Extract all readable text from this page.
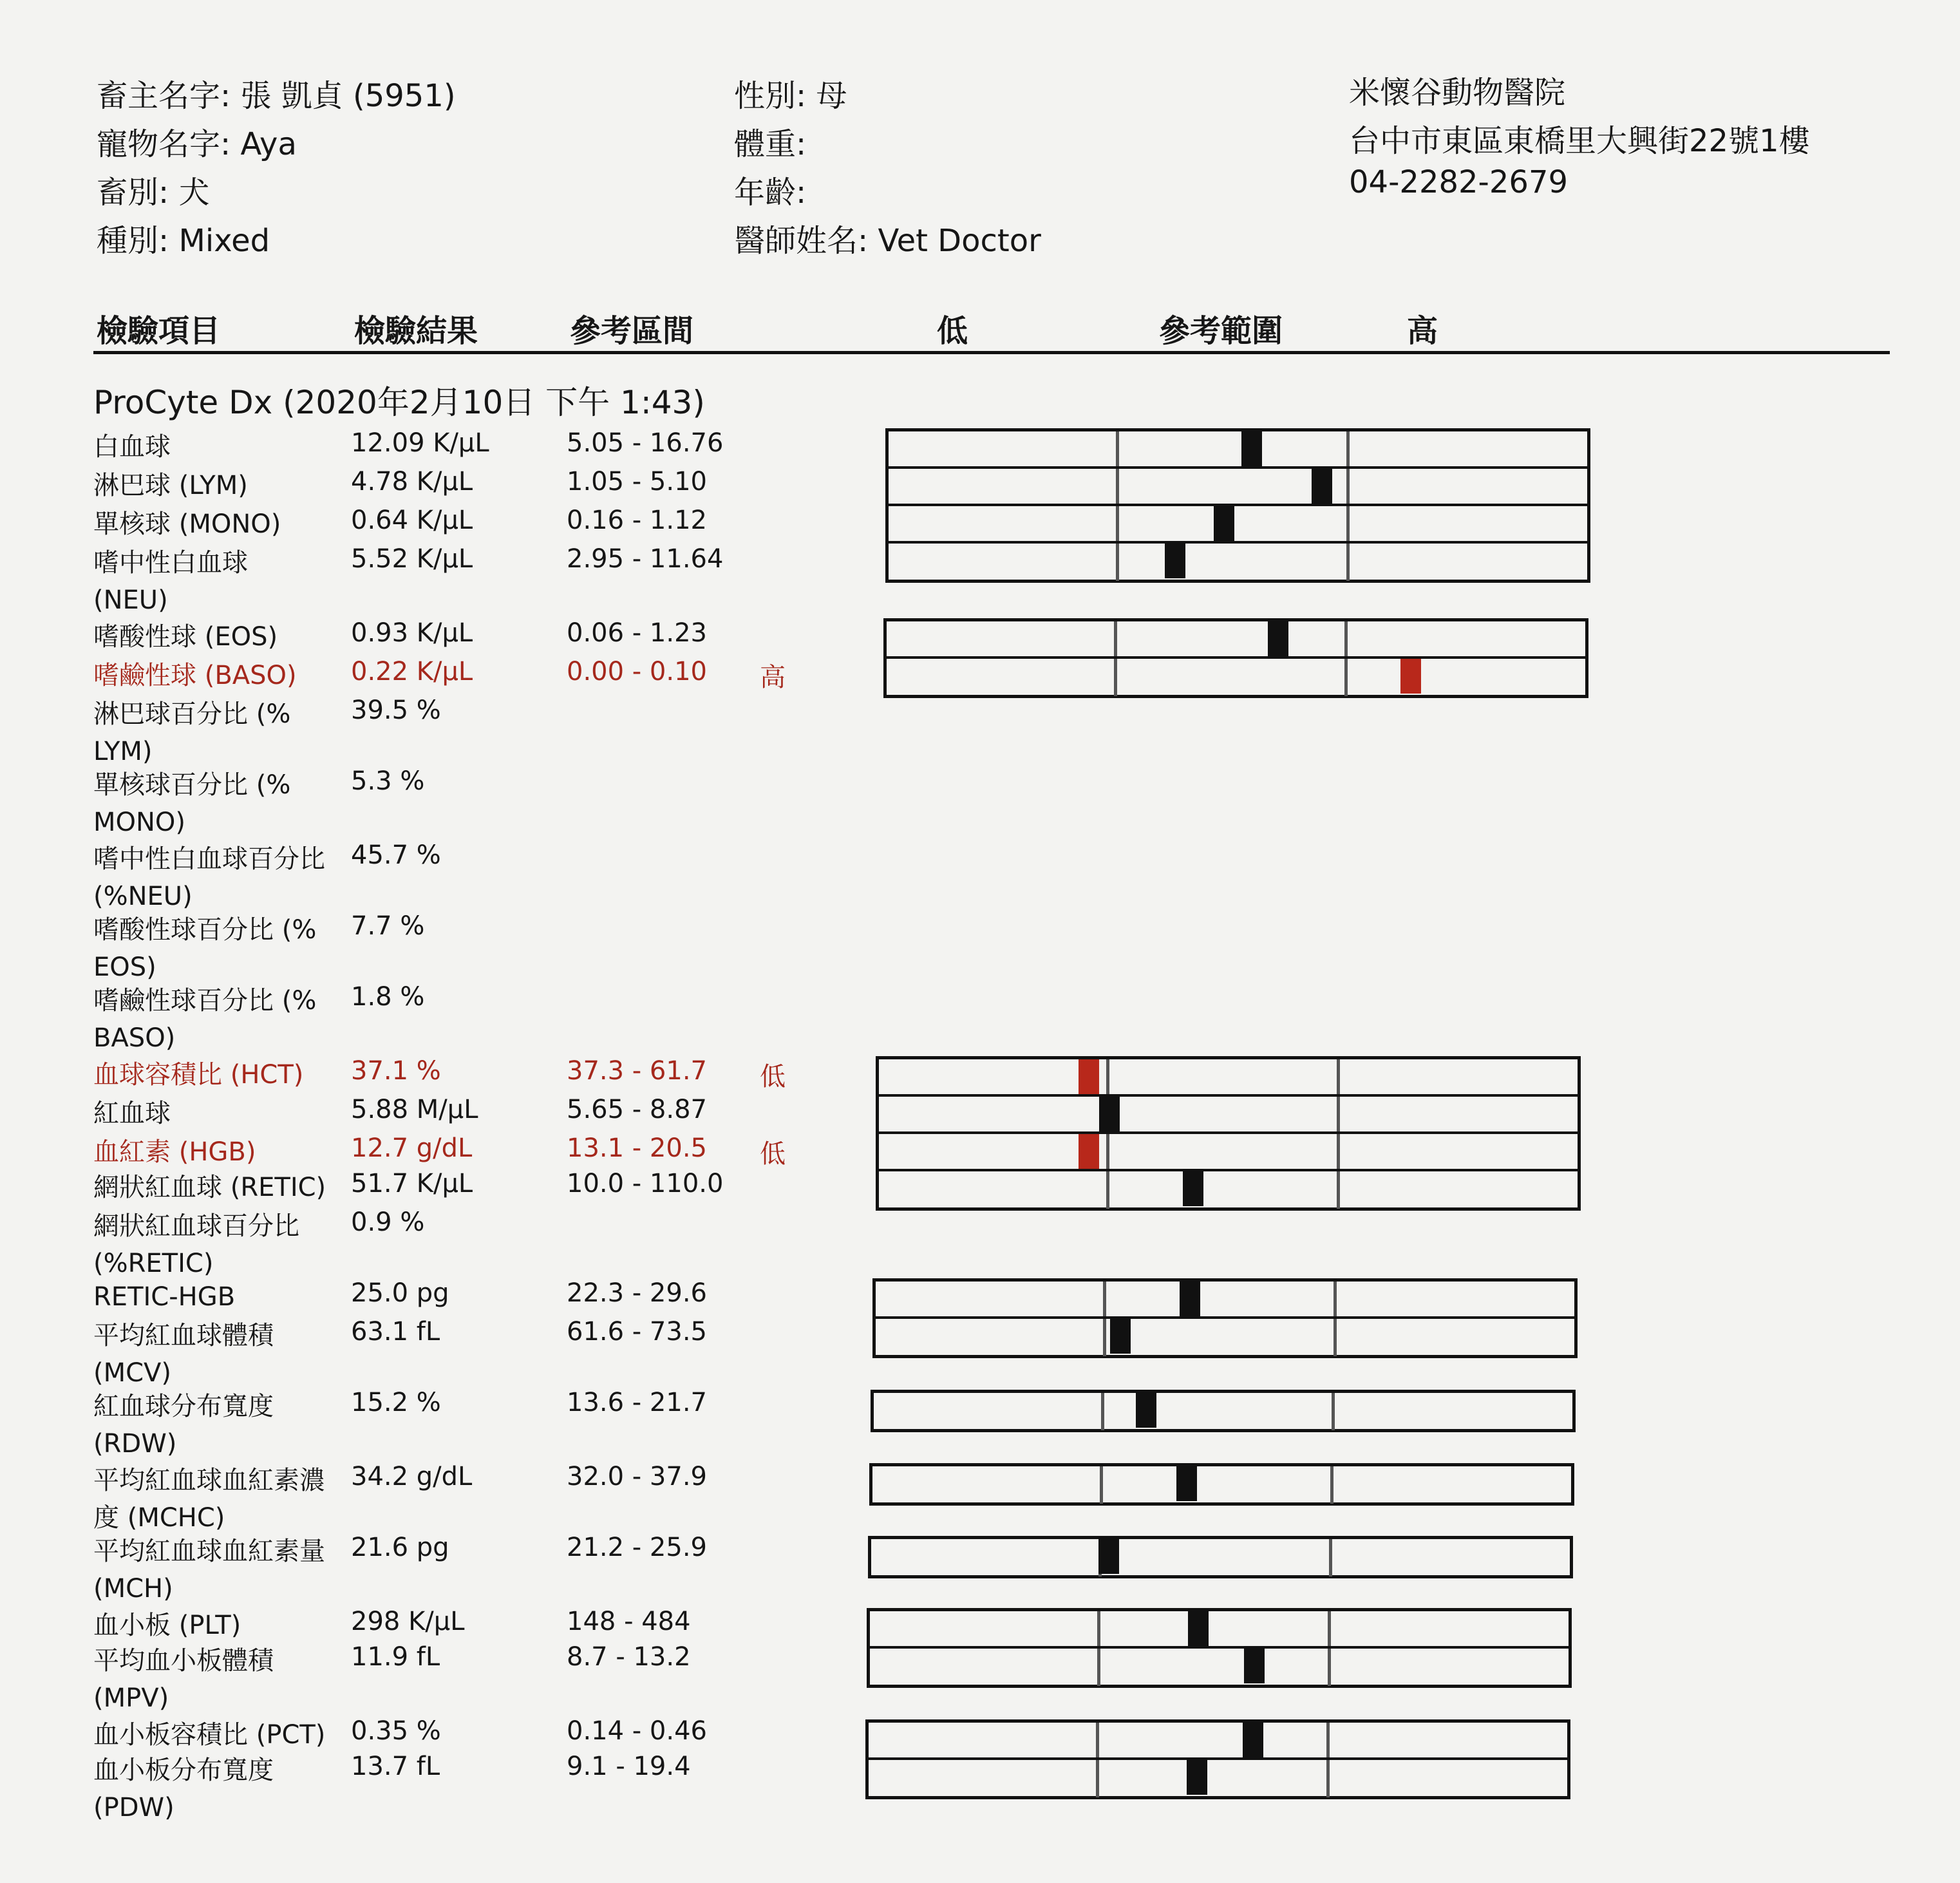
畜主名字: 張 凱貞 (5951)
寵物名字: Aya
畜別: 犬
種別: Mixed
性別: 母
體重:
年齡:
醫師姓名: Vet Doctor
米懷谷動物醫院
台中市東區東橋里大興街22號1樓
04-2282-2679
檢驗項目	檢驗結果	參考區間	低	參考範圍	高
ProCyte Dx (2020年2月10日 下午 1:43)
白血球	12.09 K/µL	5.05 - 16.76
淋巴球 (LYM)	4.78 K/µL	1.05 - 5.10
單核球 (MONO)	0.64 K/µL	0.16 - 1.12
嗜中性白血球
(NEU)
5.52 K/µL	2.95 - 11.64
嗜酸性球 (EOS)	0.93 K/µL	0.06 - 1.23
嗜鹼性球 (BASO) 0.22 K/µL	0.00 - 0.10 高
淋巴球百分比 (%
LYM)
39.5 %
單核球百分比 (%
MONO)
5.3 %
嗜中性白血球百分比
(%NEU)
45.7 %
嗜酸性球百分比 (%
EOS)
7.7 %
嗜鹼性球百分比 (%
BASO)
1.8 %
血球容積比 (HCT) 37.1 %	37.3 - 61.7 低
紅血球	5.88 M/µL	5.65 - 8.87
血紅素 (HGB)	12.7 g/dL	13.1 - 20.5 低
網狀紅血球 (RETIC) 51.7 K/µL	10.0 - 110.0
網狀紅血球百分比
(%RETIC)
0.9 %
RETIC-HGB	25.0 pg	22.3 - 29.6
平均紅血球體積
(MCV)
63.1 fL	61.6 - 73.5
紅血球分布寬度
(RDW)
15.2 %	13.6 - 21.7
平均紅血球血紅素濃
度 (MCHC)
34.2 g/dL	32.0 - 37.9
平均紅血球血紅素量
(MCH)
21.6 pg	21.2 - 25.9
血小板 (PLT)	298 K/µL	148 - 484
平均血小板體積
(MPV)
11.9 fL	8.7 - 13.2
血小板容積比 (PCT) 0.35 %	0.14 - 0.46
血小板分布寬度
(PDW)
13.7 fL	9.1 - 19.4
